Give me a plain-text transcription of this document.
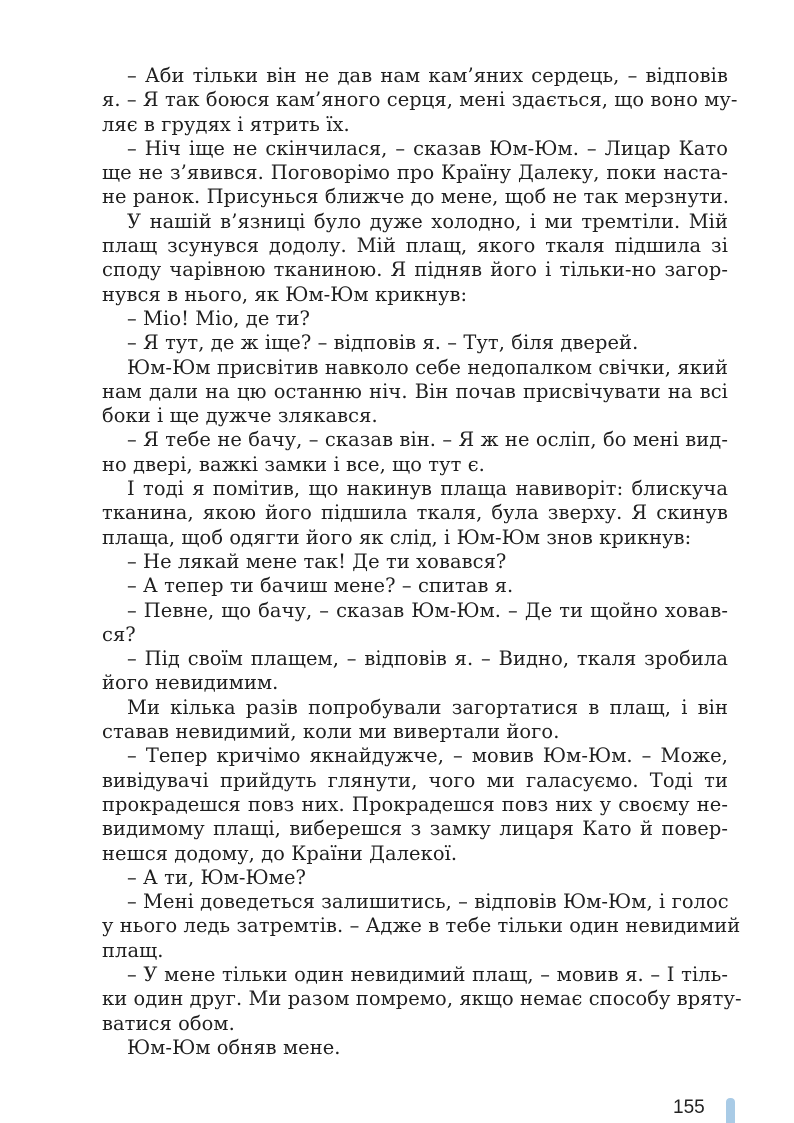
– Аби тільки він не дав нам кам’яних сердець, – відповів
я. – Я так боюся кам’яного серця, мені здається, що воно му-
ляє в грудях і ятрить їх.
– Ніч іще не скінчилася, – сказав Юм-Юм. – Лицар Като
ще не з’явився. Поговорімо про Країну Далеку, поки наста-
не ранок. Присунься ближче до мене, щоб не так мерзнути.
У нашій в’язниці було дуже холодно, і ми тремтіли. Мій
плащ зсунувся додолу. Мій плащ, якого ткаля підшила зі
споду чарівною тканиною. Я підняв його і тільки-но загор-
нувся в нього, як Юм-Юм крикнув:
– Міо! Міо, де ти?
– Я тут, де ж іще? – відповів я. – Тут, біля дверей.
Юм-Юм присвітив навколо себе недопалком свічки, який
нам дали на цю останню ніч. Він почав присвічувати на всі
боки і ще дужче злякався.
– Я тебе не бачу, – сказав він. – Я ж не осліп, бо мені вид-
но двері, важкі замки і все, що тут є.
І тоді я помітив, що накинув плаща навиворіт: блискуча
тканина, якою його підшила ткаля, була зверху. Я скинув
плаща, щоб одягти його як слід, і Юм-Юм знов крикнув:
– Не лякай мене так! Де ти ховався?
– А тепер ти бачиш мене? – спитав я.
– Певне, що бачу, – сказав Юм-Юм. – Де ти щойно ховав-
ся?
– Під своїм плащем, – відповів я. – Видно, ткаля зробила
його невидимим.
Ми кілька разів попробували загортатися в плащ, і він
ставав невидимий, коли ми вивертали його.
– Тепер кричімо якнайдужче, – мовив Юм-Юм. – Може,
вивідувачі прийдуть глянути, чого ми галасуємо. Тоді ти
прокрадешся повз них. Прокрадешся повз них у своєму не-
видимому плащі, виберешся з замку лицаря Като й повер-
нешся додому, до Країни Далекої.
– А ти, Юм-Юме?
– Мені доведеться залишитись, – відповів Юм-Юм, і голос
у нього ледь затремтів. – Адже в тебе тільки один невидимий
плащ.
– У мене тільки один невидимий плащ, – мовив я. – І тіль-
ки один друг. Ми разом помремо, якщо немає способу вряту-
ватися обом.
Юм-Юм обняв мене.
155
